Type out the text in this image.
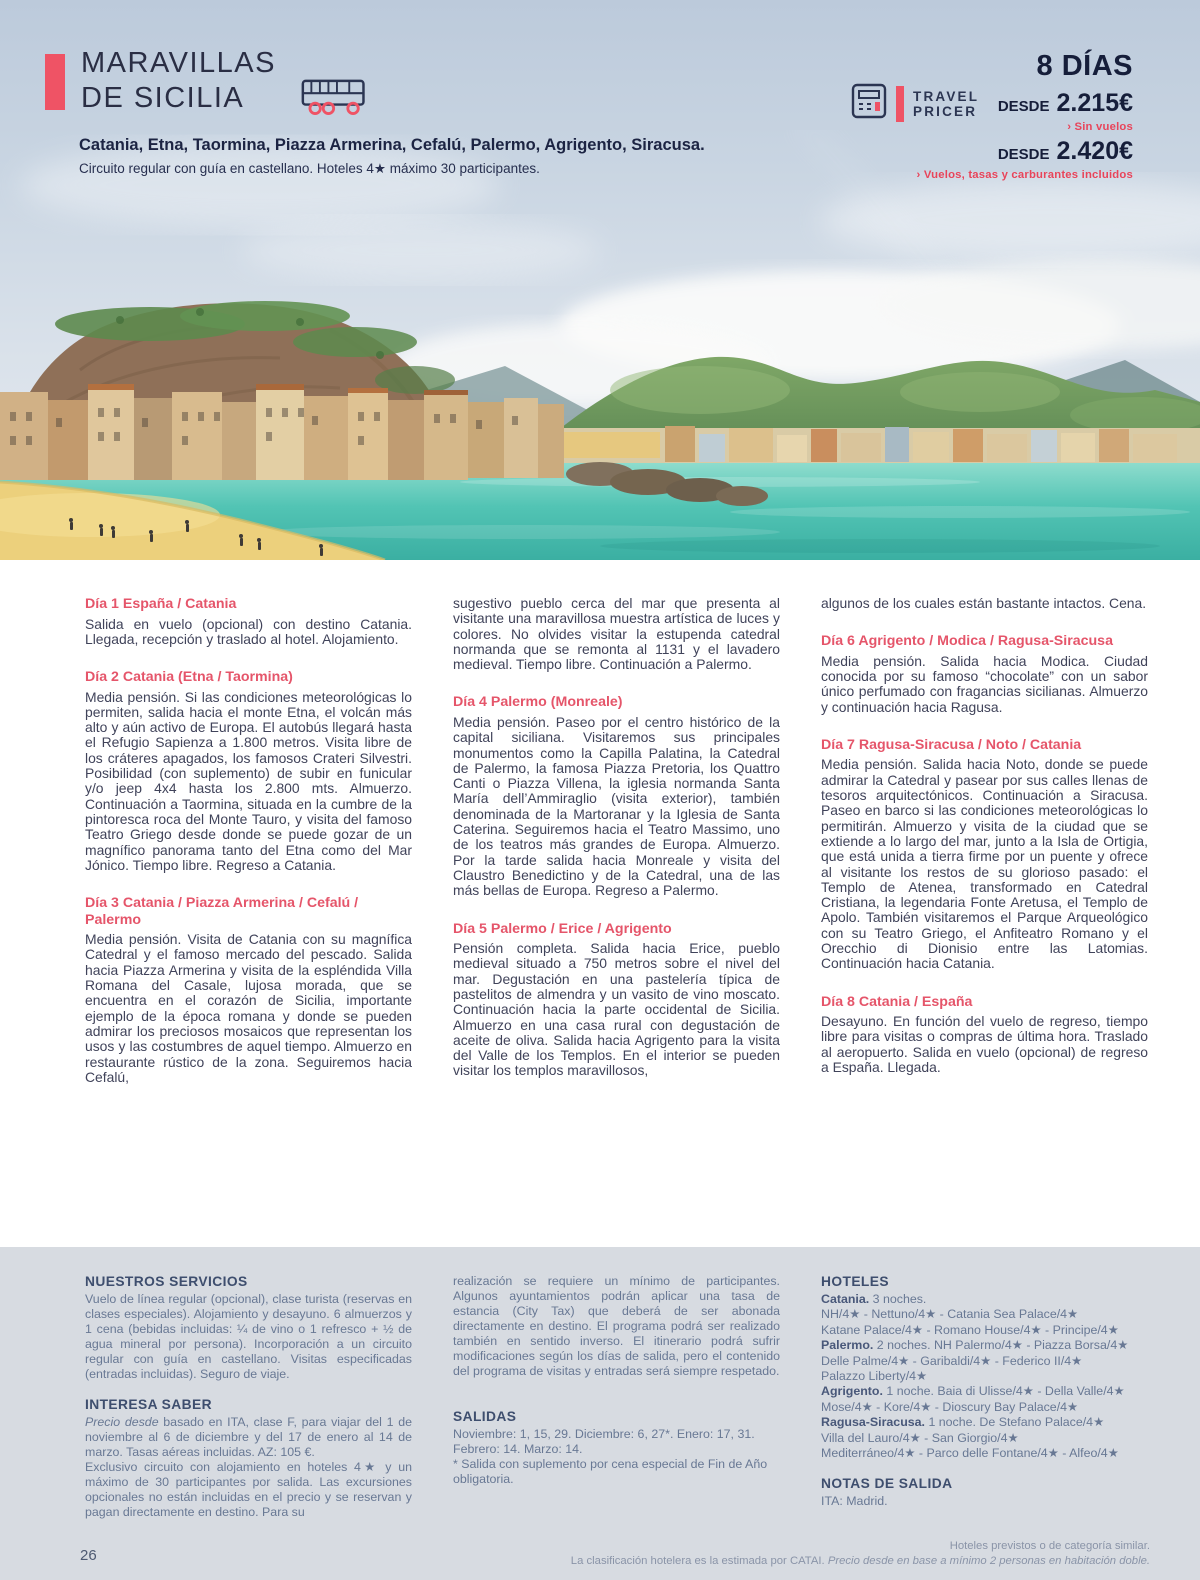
MARAVILLAS
DE SICILIA
Catania, Etna, Taormina, Piazza Armerina, Cefalú, Palermo, Agrigento, Siracusa.
Circuito regular con guía en castellano. Hoteles 4★ máximo 30 participantes.
TRAVEL
PRICER
8 DÍAS
DESDE 2.215€
› Sin vuelos
DESDE 2.420€
› Vuelos, tasas y carburantes incluidos
Día 1 España / Catania

Salida en vuelo (opcional) con destino Catania. Llegada, recepción y traslado al hotel. Alojamiento.

Día 2 Catania (Etna / Taormina)

Media pensión. Si las condiciones meteorológicas lo permiten, salida hacia el monte Etna, el volcán más alto y aún activo de Europa. El autobús llegará hasta el Refugio Sapienza a 1.800 metros. Visita libre de los cráteres apagados, los famosos Crateri Silvestri. Posibilidad (con suplemento) de subir en funicular y/o jeep 4x4 hasta los 2.800 mts. Almuerzo. Continuación a Taormina, situada en la cumbre de la pintoresca roca del Monte Tauro, y visita del famoso Teatro Griego desde donde se puede gozar de un magnífico panorama tanto del Etna como del Mar Jónico. Tiempo libre. Regreso a Catania.

Día 3 Catania / Piazza Armerina / Cefalú / Palermo

Media pensión. Visita de Catania con su magnífica Catedral y el famoso mercado del pescado. Salida hacia Piazza Armerina y visita de la espléndida Villa Romana del Casale, lujosa morada, que se encuentra en el corazón de Sicilia, importante ejemplo de la época romana y donde se pueden admirar los preciosos mosaicos que representan los usos y las costumbres de aquel tiempo. Almuerzo en restaurante rústico de la zona. Seguiremos hacia Cefalú,

sugestivo pueblo cerca del mar que presenta al visitante una maravillosa muestra artística de luces y colores. No olvides visitar la estupenda catedral normanda que se remonta al 1131 y el lavadero medieval. Tiempo libre. Continuación a Palermo.

Día 4 Palermo (Monreale)

Media pensión. Paseo por el centro histórico de la capital siciliana. Visitaremos sus principales monumentos como la Capilla Palatina, la Catedral de Palermo, la famosa Piazza Pretoria, los Quattro Canti o Piazza Villena, la iglesia normanda Santa María dell’Ammiraglio (visita exterior), también denominada de la Martoranar y la Iglesia de Santa Caterina. Seguiremos hacia el Teatro Massimo, uno de los teatros más grandes de Europa. Almuerzo. Por la tarde salida hacia Monreale y visita del Claustro Benedictino y de la Catedral, una de las más bellas de Europa. Regreso a Palermo.

Día 5 Palermo / Erice / Agrigento

Pensión completa. Salida hacia Erice, pueblo medieval situado a 750 metros sobre el nivel del mar. Degustación en una pastelería típica de pastelitos de almendra y un vasito de vino moscato. Continuación hacia la parte occidental de Sicilia. Almuerzo en una casa rural con degustación de aceite de oliva. Salida hacia Agrigento para la visita del Valle de los Templos. En el interior se pueden visitar los templos maravillosos,

algunos de los cuales están bastante intactos. Cena.

Día 6 Agrigento / Modica / Ragusa-Siracusa

Media pensión. Salida hacia Modica. Ciudad conocida por su famoso “chocolate” con un sabor único perfumado con fragancias sicilianas. Almuerzo y continuación hacia Ragusa.

Día 7 Ragusa-Siracusa / Noto / Catania

Media pensión. Salida hacia Noto, donde se puede admirar la Catedral y pasear por sus calles llenas de tesoros arquitectónicos. Continuación a Siracusa. Paseo en barco si las condiciones meteorológicas lo permitirán. Almuerzo y visita de la ciudad que se extiende a lo largo del mar, junto a la Isla de Ortigia, que está unida a tierra firme por un puente y ofrece al visitante los restos de su glorioso pasado: el Templo de Atenea, transformado en Catedral Cristiana, la legendaria Fonte Aretusa, el Templo de Apolo. También visitaremos el Parque Arqueológico con su Teatro Griego, el Anfiteatro Romano y el Orecchio di Dionisio entre las Latomias. Continuación hacia Catania.

Día 8 Catania / España

Desayuno. En función del vuelo de regreso, tiempo libre para visitas o compras de última hora. Traslado al aeropuerto. Salida en vuelo (opcional) de regreso a España. Llegada.

NUESTROS SERVICIOS

Vuelo de línea regular (opcional), clase turista (reservas en clases especiales). Alojamiento y desayuno. 6 almuerzos y 1 cena (bebidas incluidas: ¼ de vino o 1 refresco + ½ de agua mineral por persona). Incorporación a un circuito regular con guía en castellano. Visitas especificadas (entradas incluidas). Seguro de viaje.

INTERESA SABER

Precio desde basado en ITA, clase F, para viajar del 1 de noviembre al 6 de diciembre y del 17 de enero al 14 de marzo. Tasas aéreas incluidas. AZ: 105 €.

Exclusivo circuito con alojamiento en hoteles 4★ y un máximo de 30 participantes por salida. Las excursiones opcionales no están incluidas en el precio y se reservan y pagan directamente en destino. Para su

realización se requiere un mínimo de participantes. Algunos ayuntamientos podrán aplicar una tasa de estancia (City Tax) que deberá de ser abonada directamente en destino. El programa podrá ser realizado también en sentido inverso. El itinerario podrá sufrir modificaciones según los días de salida, pero el contenido del programa de visitas y entradas será siempre respetado.

SALIDAS

Noviembre: 1, 15, 29. Diciembre: 6, 27*. Enero: 17, 31.

Febrero: 14. Marzo: 14.

* Salida con suplemento por cena especial de Fin de Año obligatoria.

HOTELES

Catania. 3 noches.

NH/4★ - Nettuno/4★ - Catania Sea Palace/4★

Katane Palace/4★ - Romano House/4★ - Principe/4★

Palermo. 2 noches. NH Palermo/4★ - Piazza Borsa/4★

Delle Palme/4★ - Garibaldi/4★ - Federico II/4★

Palazzo Liberty/4★

Agrigento. 1 noche. Baia di Ulisse/4★ - Della Valle/4★

Mose/4★ - Kore/4★ - Dioscury Bay Palace/4★

Ragusa-Siracusa. 1 noche. De Stefano Palace/4★

Villa del Lauro/4★ - San Giorgio/4★

Mediterráneo/4★ - Parco delle Fontane/4★ - Alfeo/4★

NOTAS DE SALIDA

ITA: Madrid.

26
Hoteles previstos o de categoría similar.
La clasificación hotelera es la estimada por CATAI. Precio desde en base a mínimo 2 personas en habitación doble.
